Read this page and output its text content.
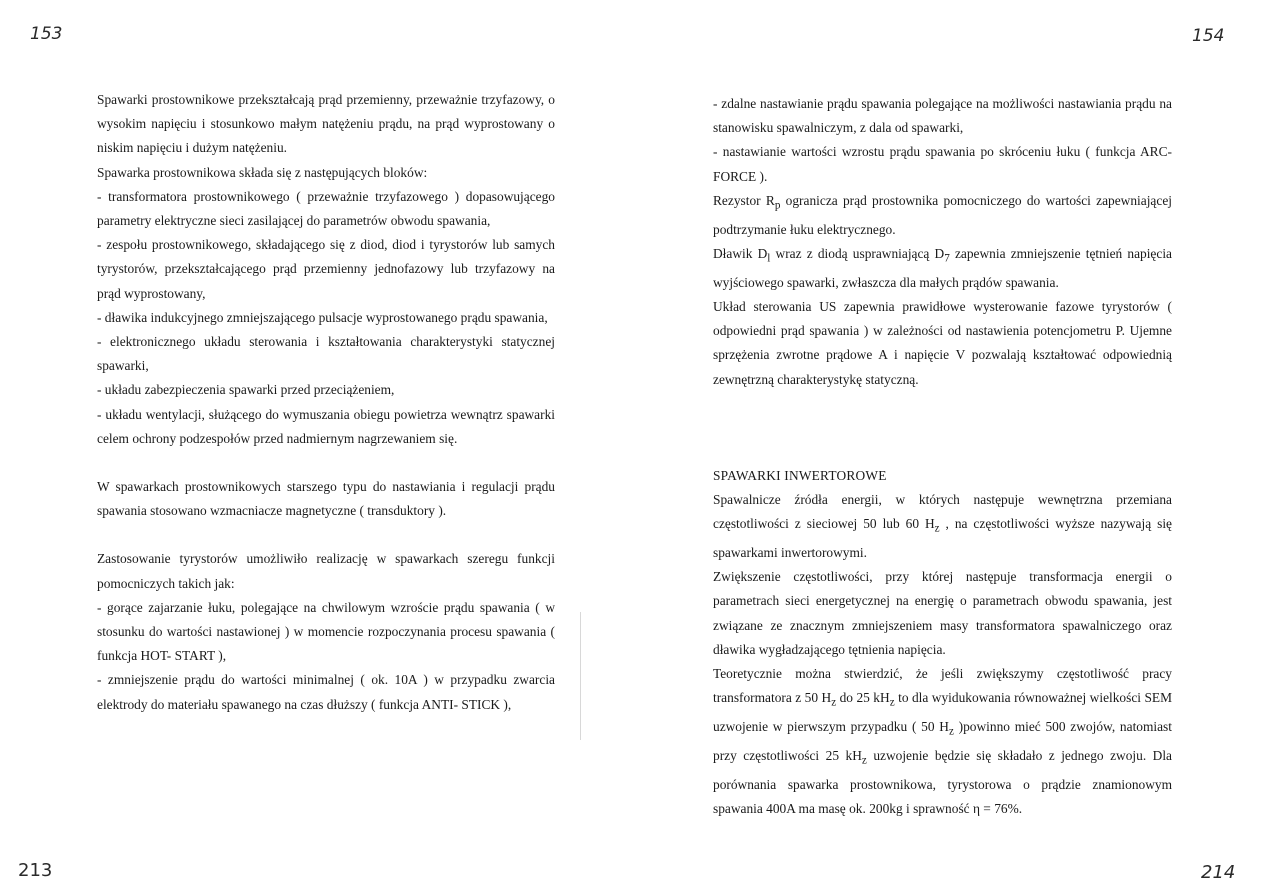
153	154
213	214

Spawarki prostownikowe przekształcają prąd przemienny, przeważnie trzyfazowy, o wysokim napięciu i stosunkowo małym natężeniu prądu, na prąd wyprostowany o niskim napięciu i dużym natężeniu.

Spawarka prostownikowa składa się z następujących bloków:

- transformatora prostownikowego ( przeważnie trzyfazowego ) dopasowującego parametry elektryczne sieci zasilającej do parametrów obwodu spawania,

- zespołu prostownikowego, składającego się z diod, diod i tyrystorów lub samych tyrystorów, przekształcającego prąd przemienny jednofazowy lub trzyfazowy na prąd wyprostowany,

- dławika indukcyjnego zmniejszającego pulsacje wyprostowanego prądu spawania,

- elektronicznego układu sterowania i kształtowania charakterystyki statycznej spawarki,

- układu zabezpieczenia spawarki przed przeciążeniem,

- układu wentylacji, służącego do wymuszania obiegu powietrza wewnątrz spawarki celem ochrony podzespołów przed nadmiernym nagrzewaniem się.

W spawarkach prostownikowych starszego typu do nastawiania i regulacji prądu spawania stosowano wzmacniacze magnetyczne ( transduktory ).

Zastosowanie tyrystorów umożliwiło realizację w spawarkach szeregu funkcji pomocniczych takich jak:

- gorące zajarzanie łuku, polegające na chwilowym wzroście prądu spawania ( w stosunku do wartości nastawionej ) w momencie rozpoczynania procesu spawania ( funkcja HOT- START ),

- zmniejszenie prądu do wartości minimalnej ( ok. 10A ) w przypadku zwarcia elektrody do materiału spawanego na czas dłuższy ( funkcja ANTI- STICK ),

- zdalne nastawianie prądu spawania polegające na możliwości nastawiania prądu na stanowisku spawalniczym, z dala od spawarki,

- nastawianie wartości wzrostu prądu spawania po skróceniu łuku ( funkcja ARC-FORCE ).

Rezystor $R_p$ ogranicza prąd prostownika pomocniczego do wartości zapewniającej podtrzymanie łuku elektrycznego.

Dławik $D_l$ wraz z diodą usprawniającą $D_7$ zapewnia zmniejszenie tętnień napięcia wyjściowego spawarki, zwłaszcza dla małych prądów spawania.

Układ sterowania US zapewnia prawidłowe wysterowanie fazowe tyrystorów ( odpowiedni prąd spawania ) w zależności od nastawienia potencjometru P. Ujemne sprzężenia zwrotne prądowe A i napięcie V pozwalają kształtować odpowiednią zewnętrzną charakterystykę statyczną.

SPAWARKI INWERTOROWE

Spawalnicze źródła energii, w których następuje wewnętrzna przemiana częstotliwości z sieciowej 50 lub 60 $H_z$ , na częstotliwości wyższe nazywają się spawarkami inwertorowymi.

Zwiększenie częstotliwości, przy której następuje transformacja energii o parametrach sieci energetycznej na energię o parametrach obwodu spawania, jest związane ze znacznym zmniejszeniem masy transformatora spawalniczego oraz dławika wygładzającego tętnienia napięcia.

Teoretycznie można stwierdzić, że jeśli zwiększymy częstotliwość pracy transformatora z 50 $H_z$ do 25 $kH_z$ to dla wyidukowania równoważnej wielkości SEM uzwojenie w pierwszym przypadku ( 50 $H_z$ )powinno mieć 500 zwojów, natomiast przy częstotliwości 25 $kH_z$ uzwojenie będzie się składało z jednego zwoju. Dla porównania spawarka prostownikowa, tyrystorowa o prądzie znamionowym spawania 400A ma masę ok. 200kg i sprawność η = 76%.
